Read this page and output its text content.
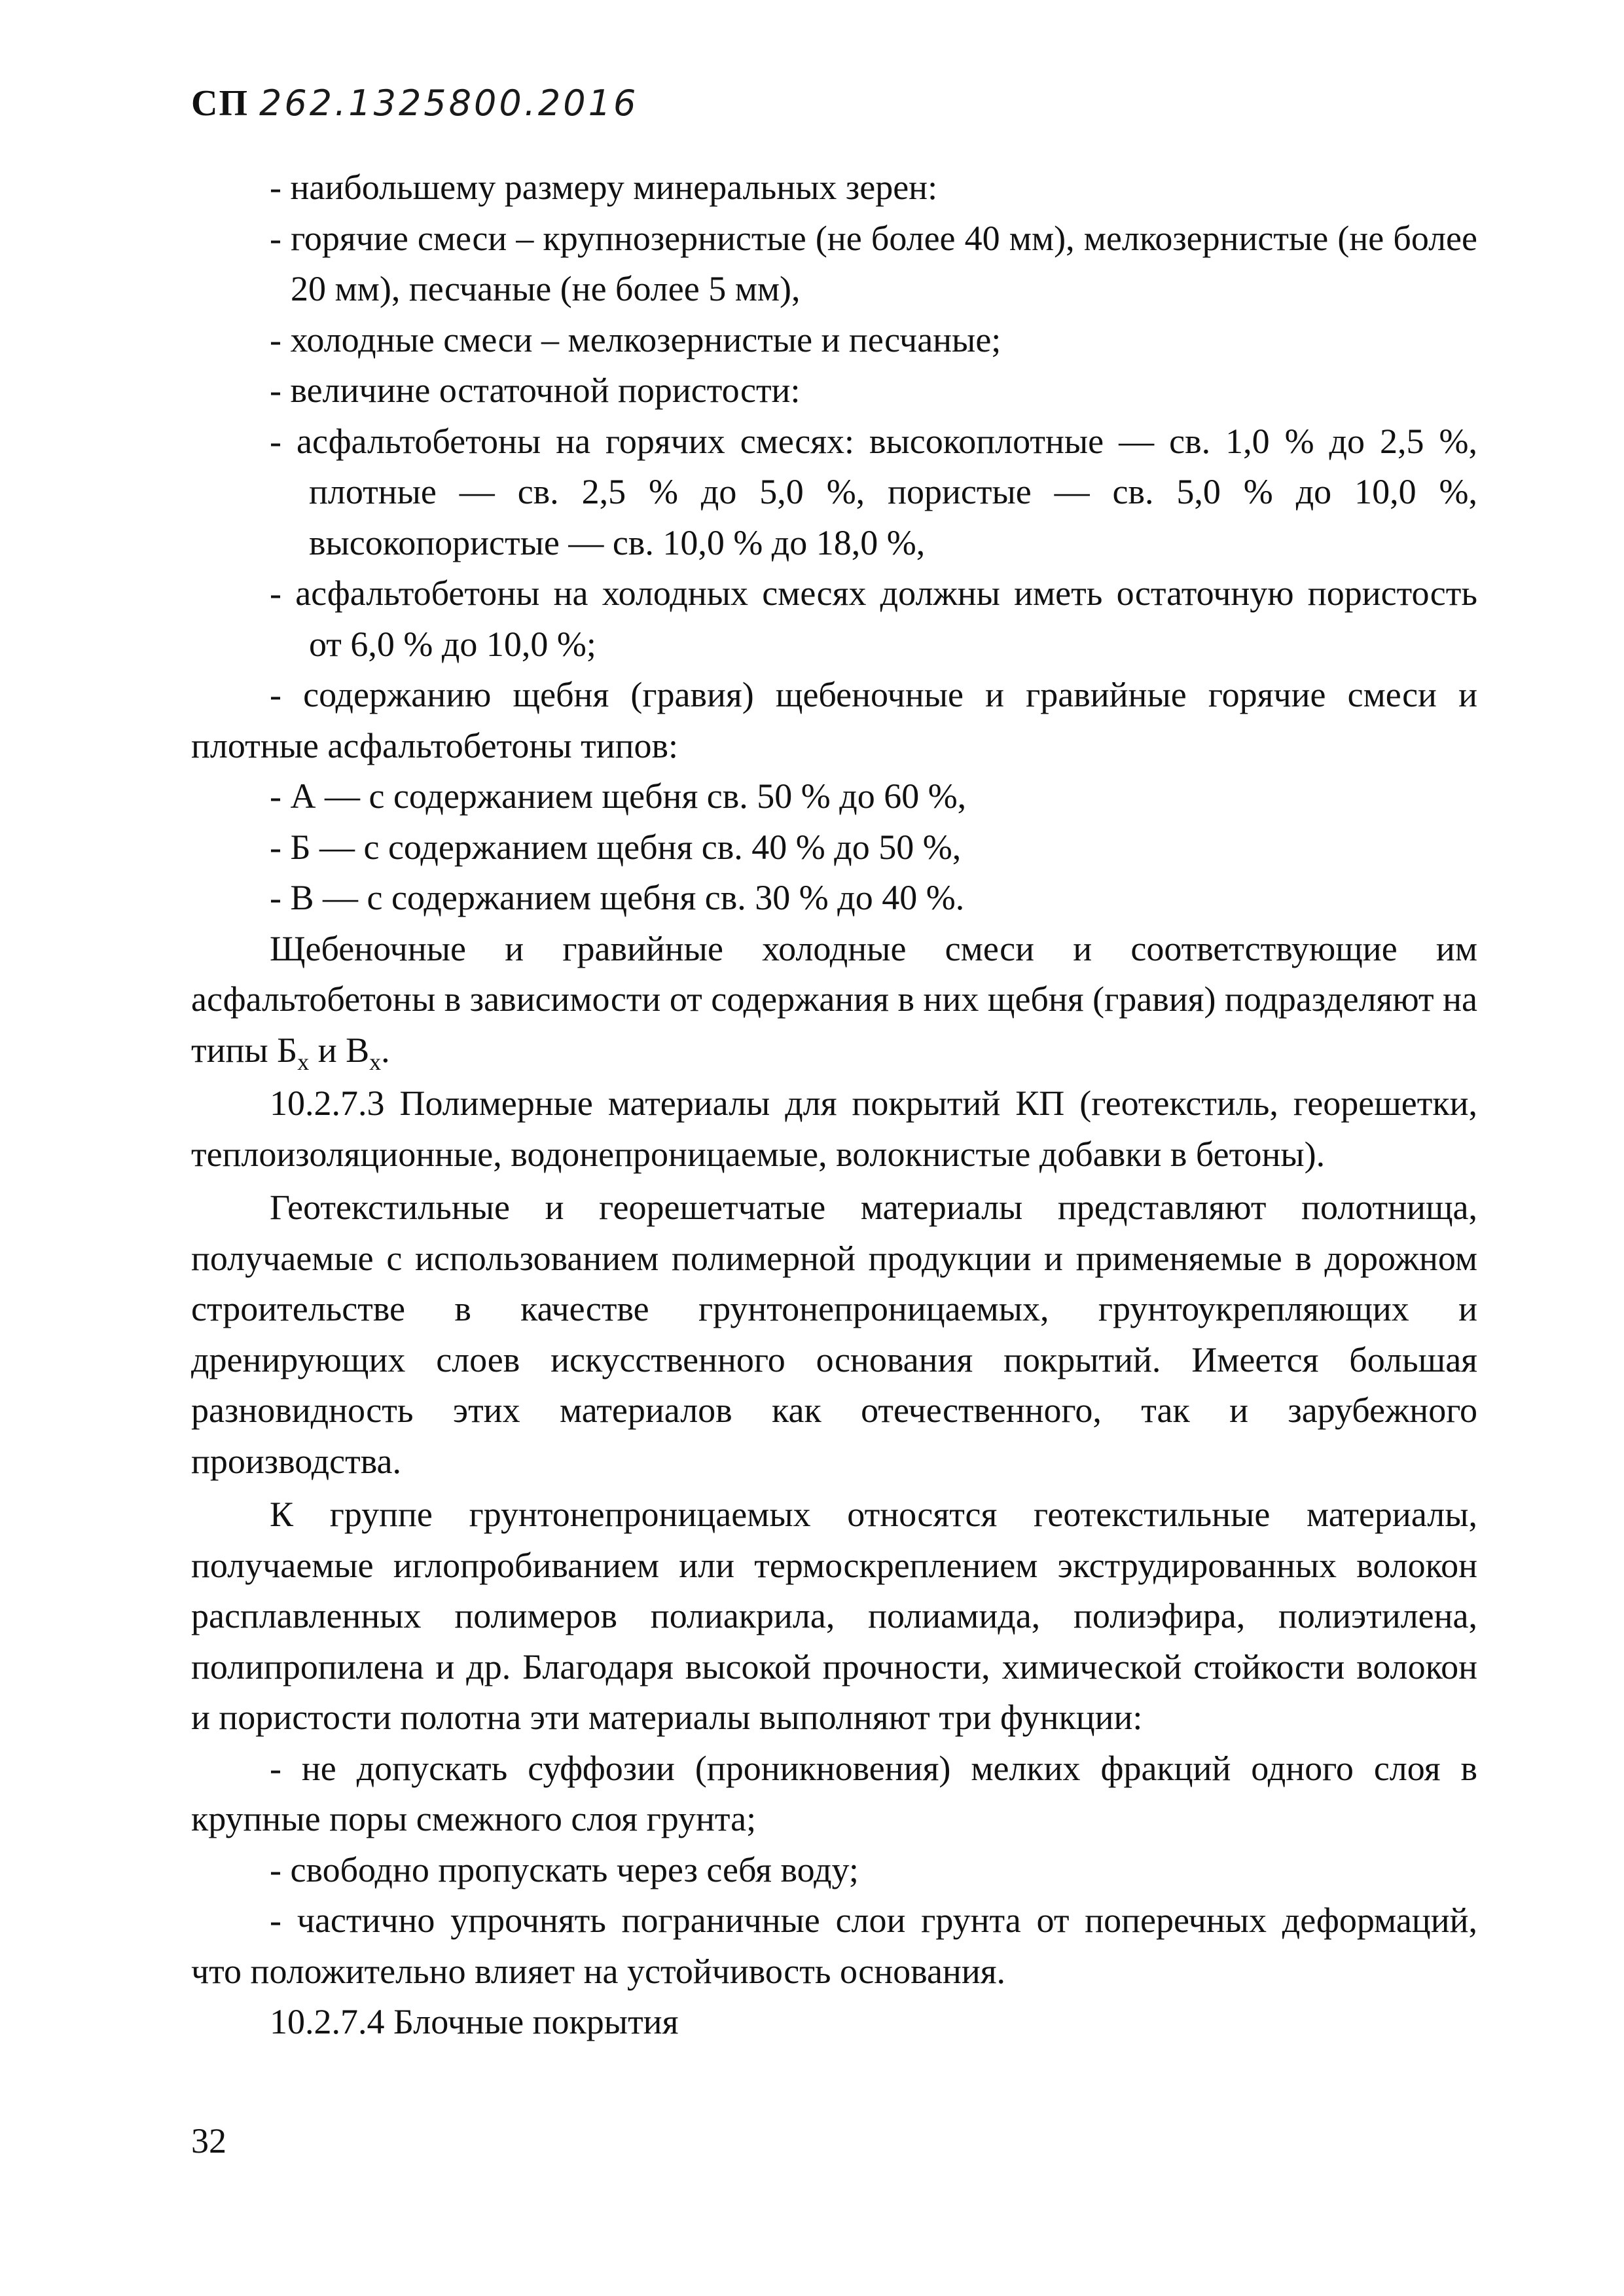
СП 262.1325800.2016

- наибольшему размеру минеральных зерен:

- горячие смеси – крупнозернистые (не более 40 мм), мелкозернистые (не более 20 мм), песчаные (не более 5 мм),

- холодные смеси – мелкозернистые и песчаные;

- величине остаточной пористости:

- асфальтобетоны на горячих смесях: высокоплотные — св. 1,0 % до 2,5 %, плотные — св. 2,5 % до 5,0 %, пористые — св. 5,0 % до 10,0 %, высокопористые — св. 10,0 % до 18,0 %,

- асфальтобетоны на холодных смесях должны иметь остаточную пористость от 6,0 % до 10,0 %;

- содержанию щебня (гравия) щебеночные и гравийные горячие смеси и плотные асфальтобетоны типов:

- А — с содержанием щебня св. 50 % до 60 %,

- Б — с содержанием щебня св. 40 % до 50 %,

- В — с содержанием щебня св. 30 % до 40 %.

Щебеночные и гравийные холодные смеси и соответствующие им асфальтобетоны в зависимости от содержания в них щебня (гравия) подразделяют на типы $Б_х$ и $В_х$.

10.2.7.3 Полимерные материалы для покрытий КП (геотекстиль, георешетки, теплоизоляционные, водонепроницаемые, волокнистые добавки в бетоны).

Геотекстильные и георешетчатые материалы представляют полотнища, получаемые с использованием полимерной продукции и применяемые в дорожном строительстве в качестве грунтонепроницаемых, грунтоукрепляющих и дренирующих слоев искусственного основания покрытий. Имеется большая разновидность этих материалов как отечественного, так и зарубежного производства.

К группе грунтонепроницаемых относятся геотекстильные материалы, получаемые иглопробиванием или термоскреплением экструдированных волокон расплавленных полимеров полиакрила, полиамида, полиэфира, полиэтилена, полипропилена и др. Благодаря высокой прочности, химической стойкости волокон и пористости полотна эти материалы выполняют три функции:

- не допускать суффозии (проникновения) мелких фракций одного слоя в крупные поры смежного слоя грунта;

- свободно пропускать через себя воду;

- частично упрочнять пограничные слои грунта от поперечных деформаций, что положительно влияет на устойчивость основания.

10.2.7.4 Блочные покрытия

32
